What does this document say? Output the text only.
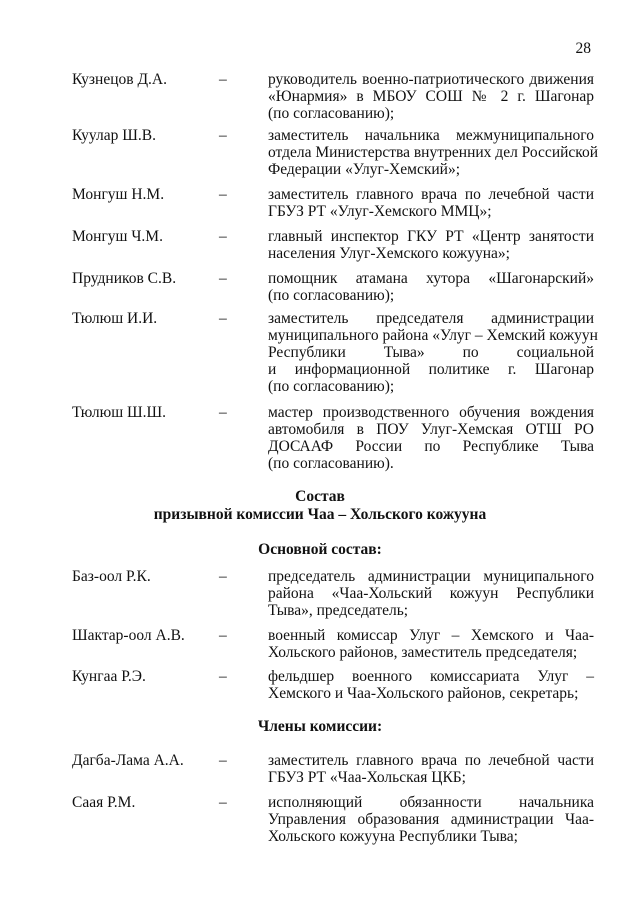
28
Кузнецов Д.А.	–	руководитель военно-патриотического движения
«Юнармия» в МБОУ СОШ № 2 г. Шагонар
(по согласованию);
Куулар Ш.В.	–	заместитель начальника межмуниципального
отдела Министерства внутренних дел Российской
Федерации «Улуг-Хемский»;
Монгуш Н.М.	–	заместитель главного врача по лечебной части
ГБУЗ РТ «Улуг-Хемского ММЦ»;
Монгуш Ч.М.	–	главный инспектор ГКУ РТ «Центр занятости
населения Улуг-Хемского кожууна»;
Прудников С.В.	–	помощник атамана хутора «Шагонарский»
(по согласованию);
Тюлюш И.И.	–	заместитель председателя администрации
муниципального района «Улуг – Хемский кожуун
Республики Тыва» по социальной
и информационной политике г. Шагонар
(по согласованию);
Тюлюш Ш.Ш.	–	мастер производственного обучения вождения
автомобиля в ПОУ Улуг-Хемская ОТШ РО
ДОСААФ России по Республике Тыва
(по согласованию).
Состав
призывной комиссии Чаа – Хольского кожууна
Основной состав:
Баз-оол Р.К.	–	председатель администрации муниципального
района «Чаа-Хольский кожуун Республики
Тыва», председатель;
Шактар-оол А.В. –	военный комиссар Улуг – Хемского и Чаа-
Хольского районов, заместитель председателя;
Кунгаа Р.Э.	–	фельдшер военного комиссариата Улуг –
Хемского и Чаа-Хольского районов, секретарь;
Члены комиссии:
Дагба-Лама А.А. –	заместитель главного врача по лечебной части
ГБУЗ РТ «Чаа-Хольская ЦКБ;
Саая Р.М.	–	исполняющий обязанности начальника
Управления образования администрации Чаа-
Хольского кожууна Республики Тыва;
